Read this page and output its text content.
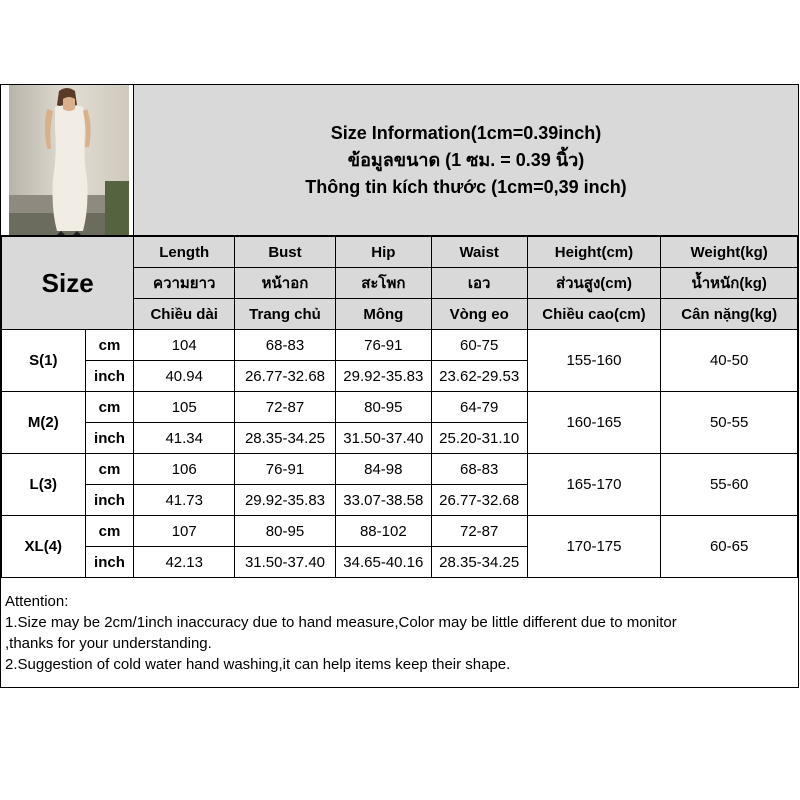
Size Information(1cm=0.39inch)
ข้อมูลขนาด (1 ซม. = 0.39 นิ้ว)
Thông tin kích thước (1cm=0,39 inch)
Size		Length	Bust	Hip	Waist	Height(cm)	Weight(kg)
		ความยาว	หน้าอก	สะโพก	เอว	ส่วนสูง(cm)	น้ำหนัก(kg)
		Chiều dài	Trang chủ	Mông	Vòng eo	Chiều cao(cm)	Cân nặng(kg)
S(1)	cm	104	68-83	76-91	60-75	155-160	40-50
	inch	40.94	26.77-32.68	29.92-35.83	23.62-29.53		
M(2)	cm	105	72-87	80-95	64-79	160-165	50-55
	inch	41.34	28.35-34.25	31.50-37.40	25.20-31.10		
L(3)	cm	106	76-91	84-98	68-83	165-170	55-60
	inch	41.73	29.92-35.83	33.07-38.58	26.77-32.68		
XL(4)	cm	107	80-95	88-102	72-87	170-175	60-65
	inch	42.13	31.50-37.40	34.65-40.16	28.35-34.25		
Attention:
1.Size may be 2cm/1inch inaccuracy due to hand measure,Color may be little different due to monitor
,thanks for your understanding.
2.Suggestion of cold water hand washing,it can help items keep their shape.
